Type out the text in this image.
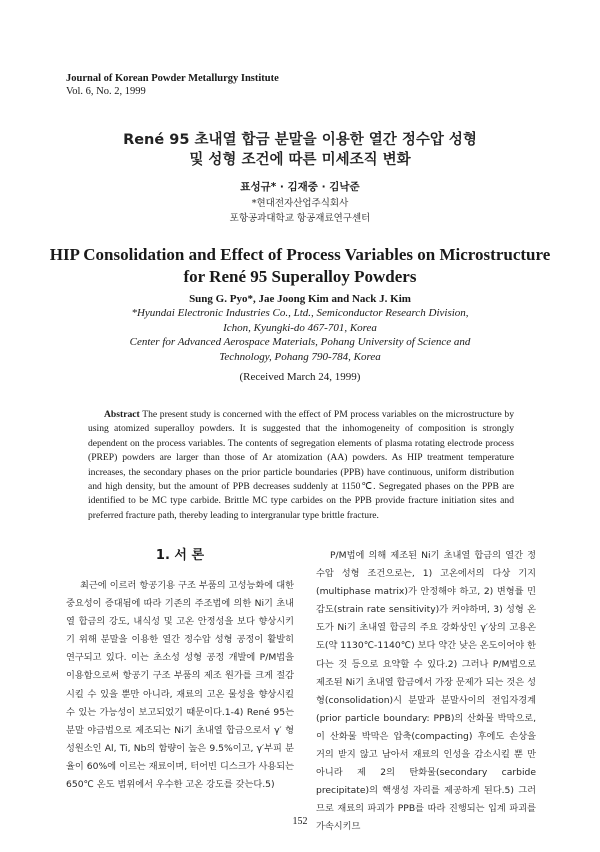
Journal of Korean Powder Metallurgy Institute
Vol. 6, No. 2, 1999
René 95 초내열 합금 분말을 이용한 열간 정수압 성형
및 성형 조건에 따른 미세조직 변화
표성규* · 김재중 · 김낙준
*현대전자산업주식회사
포항공과대학교 항공재료연구센터
HIP Consolidation and Effect of Process Variables on Microstructure
for René 95 Superalloy Powders
Sung G. Pyo*, Jae Joong Kim and Nack J. Kim
*Hyundai Electronic Industries Co., Ltd., Semiconductor Research Division,
Ichon, Kyungki-do 467-701, Korea
Center for Advanced Aerospace Materials, Pohang University of Science and
Technology, Pohang 790-784, Korea
(Received March 24, 1999)
Abstract The present study is concerned with the effect of PM process variables on the microstructure by using atomized superalloy powders. It is suggested that the inhomogeneity of composition is strongly dependent on the process variables. The contents of segregation elements of plasma rotating electrode process (PREP) powders are larger than those of Ar atomization (AA) powders. As HIP treatment temperature increases, the secondary phases on the prior particle boundaries (PPB) have continuous, uniform distribution and high density, but the amount of PPB decreases suddenly at 1150℃. Segregated phases on the PPB are identified to be MC type carbide. Brittle MC type carbides on the PPB provide fracture initiation sites and preferred fracture path, thereby leading to intergranular type brittle fracture.
1. 서 론

최근에 이르러 항공기용 구조 부품의 고성능화에 대한 중요성이 증대됨에 따라 기존의 주조법에 의한 Ni기 초내열 합금의 강도, 내식성 및 고온 안정성을 보다 향상시키기 위해 분말을 이용한 열간 정수압 성형 공정이 활발히 연구되고 있다. 이는 초소성 성형 공정 개발에 P/M법을 이용함으로써 항공기 구조 부품의 제조 원가를 크게 절감시킬 수 있을 뿐만 아니라, 재료의 고온 물성을 향상시킬 수 있는 가능성이 보고되었기 때문이다.1-4) René 95는 분말 야금법으로 제조되는 Ni기 초내열 합금으로서 γ′ 형성원소인 Al, Ti, Nb의 함량이 높은 9.5%이고, γ′부피 분율이 60%에 이르는 재료이며, 터어빈 디스크가 사용되는 650℃ 온도 범위에서 우수한 고온 강도를 갖는다.5)

P/M법에 의해 제조된 Ni기 초내열 합금의 열간 정수압 성형 조건으로는, 1) 고온에서의 다상 기지(multiphase matrix)가 안정해야 하고, 2) 변형률 민감도(strain rate sensitivity)가 커야하며, 3) 성형 온도가 Ni기 초내열 합금의 주요 강화상인 γ′상의 고용온도(약 1130℃-1140℃) 보다 약간 낮은 온도이어야 한다는 것 등으로 요약할 수 있다.2) 그러나 P/M법으로 제조된 Ni기 초내열 합금에서 가장 문제가 되는 것은 성형(consolidation)시 분말과 분말사이의 전입자경계(prior particle boundary: PPB)의 산화물 박막으로, 이 산화물 박막은 압축(compacting) 후에도 손상을 거의 받지 않고 남아서 재료의 인성을 감소시킬 뿐 만 아니라 제 2의 탄화물(secondary carbide precipitate)의 핵생성 자리를 제공하게 된다.5) 그러므로 재료의 파괴가 PPB를 따라 진행되는 입계 파괴를 가속시키므

152
